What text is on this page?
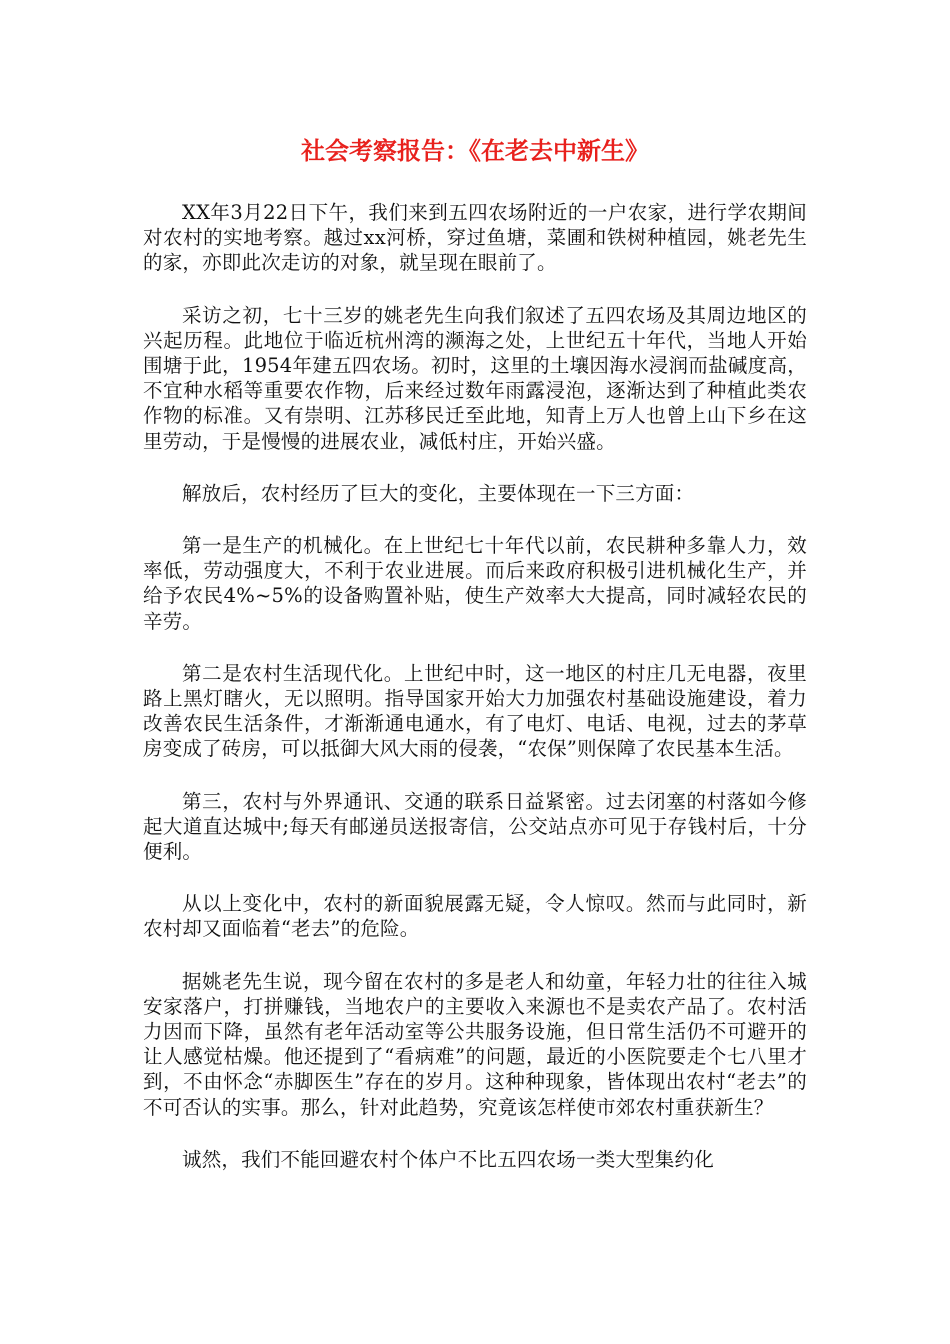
社会考察报告：《在老去中新生》

XX年3月22日下午，我们来到五四农场附近的一户农家，进行学农期间对农村的实地考察。越过xx河桥，穿过鱼塘，菜圃和铁树种植园，姚老先生的家，亦即此次走访的对象，就呈现在眼前了。

采访之初，七十三岁的姚老先生向我们叙述了五四农场及其周边地区的兴起历程。此地位于临近杭州湾的濒海之处，上世纪五十年代，当地人开始围塘于此，1954年建五四农场。初时，这里的土壤因海水浸润而盐碱度高，不宜种水稻等重要农作物，后来经过数年雨露浸泡，逐渐达到了种植此类农作物的标准。又有崇明、江苏移民迁至此地，知青上万人也曾上山下乡在这里劳动，于是慢慢的进展农业，减低村庄，开始兴盛。

解放后，农村经历了巨大的变化，主要体现在一下三方面：

第一是生产的机械化。在上世纪七十年代以前，农民耕种多靠人力，效率低，劳动强度大，不利于农业进展。而后来政府积极引进机械化生产，并给予农民4%~5%的设备购置补贴，使生产效率大大提高，同时减轻农民的辛劳。

第二是农村生活现代化。上世纪中时，这一地区的村庄几无电器，夜里路上黑灯瞎火，无以照明。指导国家开始大力加强农村基础设施建设，着力改善农民生活条件，才渐渐通电通水，有了电灯、电话、电视，过去的茅草房变成了砖房，可以抵御大风大雨的侵袭，“农保”则保障了农民基本生活。

第三，农村与外界通讯、交通的联系日益紧密。过去闭塞的村落如今修起大道直达城中;每天有邮递员送报寄信，公交站点亦可见于存钱村后，十分便利。

从以上变化中，农村的新面貌展露无疑，令人惊叹。然而与此同时，新农村却又面临着“老去”的危险。

据姚老先生说，现今留在农村的多是老人和幼童，年轻力壮的往往入城安家落户，打拼赚钱，当地农户的主要收入来源也不是卖农产品了。农村活力因而下降，虽然有老年活动室等公共服务设施，但日常生活仍不可避开的让人感觉枯燥。他还提到了“看病难”的问题，最近的小医院要走个七八里才到，不由怀念“赤脚医生”存在的岁月。这种种现象，皆体现出农村“老去”的不可否认的实事。那么，针对此趋势，究竟该怎样使市郊农村重获新生？

诚然，我们不能回避农村个体户不比五四农场一类大型集约化
